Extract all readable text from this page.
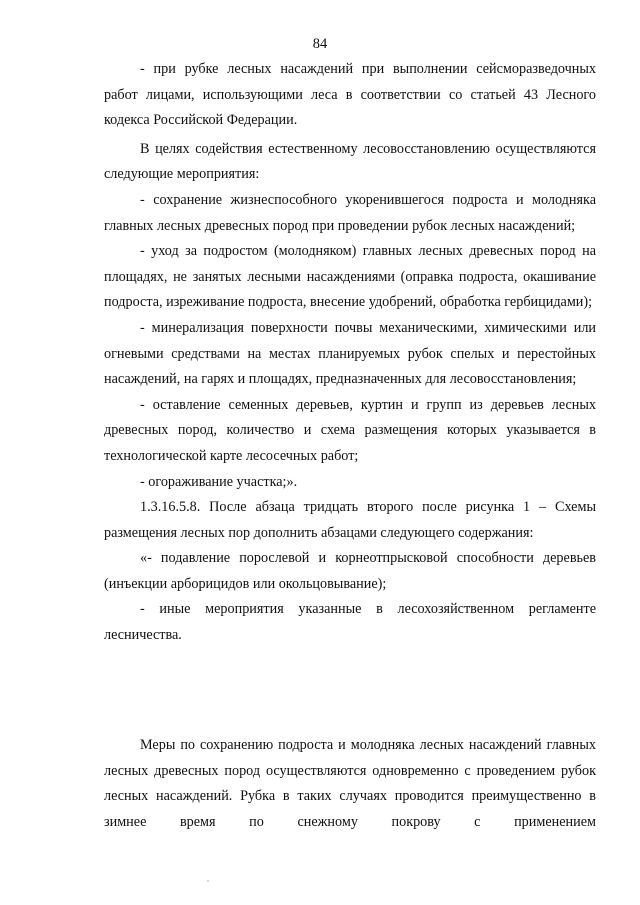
84

- при рубке лесных насаждений при выполнении сейсморазведочных работ лицами, использующими леса в соответствии со статьей 43 Лесного кодекса Российской Федерации.

В целях содействия естественному лесовосстановлению осуществляются следующие мероприятия:

- сохранение жизнеспособного укоренившегося подроста и молодняка главных лесных древесных пород при проведении рубок лесных насаждений;

- уход за подростом (молодняком) главных лесных древесных пород на площадях, не занятых лесными насаждениями (оправка подроста, окашивание подроста, изреживание подроста, внесение удобрений, обработка гербицидами);

- минерализация поверхности почвы механическими, химическими или огневыми средствами на местах планируемых рубок спелых и перестойных насаждений, на гарях и площадях, предназначенных для лесовосстановления;

- оставление семенных деревьев, куртин и групп из деревьев лесных древесных пород, количество и схема размещения которых указывается в технологической карте лесосечных работ;

- огораживание участка;».

1.3.16.5.8. После абзаца тридцать второго после рисунка 1 – Схемы размещения лесных пор дополнить абзацами следующего содержания:

«- подавление порослевой и корнеотпрысковой способности деревьев (инъекции арборицидов или окольцовывание);

- иные мероприятия указанные в лесохозяйственном регламенте лесничества.

Меры по сохранению подроста и молодняка лесных насаждений главных лесных древесных пород осуществляются одновременно с проведением рубок лесных насаждений. Рубка в таких случаях проводится преимущественно в зимнее время по снежному покрову с применением
